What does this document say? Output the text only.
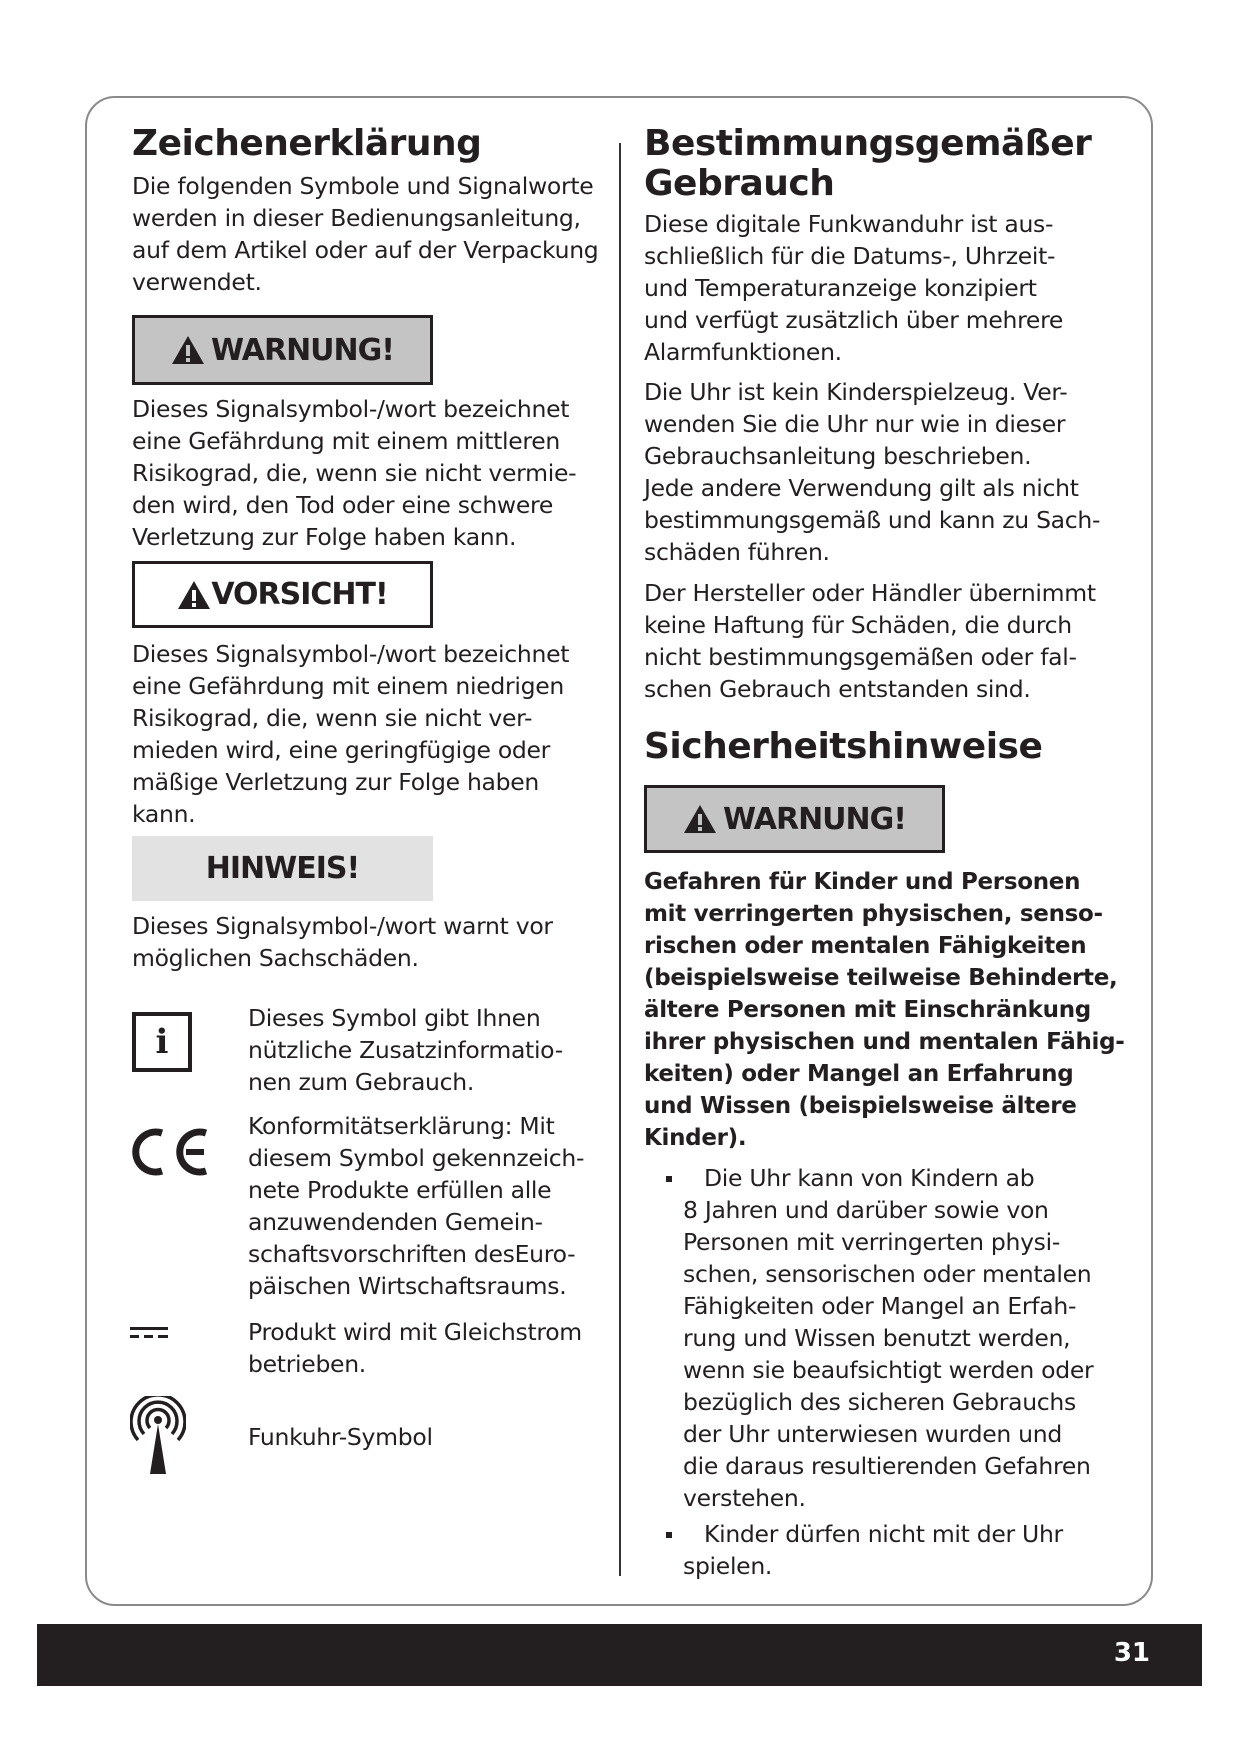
Zeichenerklärung
Die folgenden Symbole und Signalworte
werden in dieser Bedienungsanleitung,
auf dem Artikel oder auf der Verpackung
verwendet.
WARNUNG!
Dieses Signalsymbol-/wort bezeichnet
eine Gefährdung mit einem mittleren
Risikograd, die, wenn sie nicht vermie-
den wird, den Tod oder eine schwere
Verletzung zur Folge haben kann.
VORSICHT!
Dieses Signalsymbol-/wort bezeichnet
eine Gefährdung mit einem niedrigen
Risikograd, die, wenn sie nicht ver-
mieden wird, eine geringfügige oder
mäßige Verletzung zur Folge haben
kann.
HINWEIS!
Dieses Signalsymbol-/wort warnt vor
möglichen Sachschäden.
i
Dieses Symbol gibt Ihnen
nützliche Zusatzinformatio-
nen zum Gebrauch.
Konformitätserklärung: Mit
diesem Symbol gekennzeich-
nete Produkte erfüllen alle
anzuwendenden Gemein-
schaftsvorschriften desEuro-
päischen Wirtschaftsraums.
Produkt wird mit Gleichstrom
betrieben.
Funkuhr-Symbol
Bestimmungsgemäßer
Gebrauch
Diese digitale Funkwanduhr ist aus-
schließlich für die Datums-, Uhrzeit-
und Temperaturanzeige konzipiert
und verfügt zusätzlich über mehrere
Alarmfunktionen.
Die Uhr ist kein Kinderspielzeug. Ver-
wenden Sie die Uhr nur wie in dieser
Gebrauchsanleitung beschrieben.
Jede andere Verwendung gilt als nicht
bestimmungsgemäß und kann zu Sach-
schäden führen.
Der Hersteller oder Händler übernimmt
keine Haftung für Schäden, die durch
nicht bestimmungsgemäßen oder fal-
schen Gebrauch entstanden sind.
Sicherheitshinweise
WARNUNG!
Gefahren für Kinder und Personen
mit verringerten physischen, senso-
rischen oder mentalen Fähigkeiten
(beispielsweise teilweise Behinderte,
ältere Personen mit Einschränkung
ihrer physischen und mentalen Fähig-
keiten) oder Mangel an Erfahrung
und Wissen (beispielsweise ältere
Kinder).
Die Uhr kann von Kindern ab
8 Jahren und darüber sowie von
Personen mit verringerten physi-
schen, sensorischen oder mentalen
Fähigkeiten oder Mangel an Erfah-
rung und Wissen benutzt werden,
wenn sie beaufsichtigt werden oder
bezüglich des sicheren Gebrauchs
der Uhr unterwiesen wurden und
die daraus resultierenden Gefahren
verstehen.
Kinder dürfen nicht mit der Uhr
spielen.
31
